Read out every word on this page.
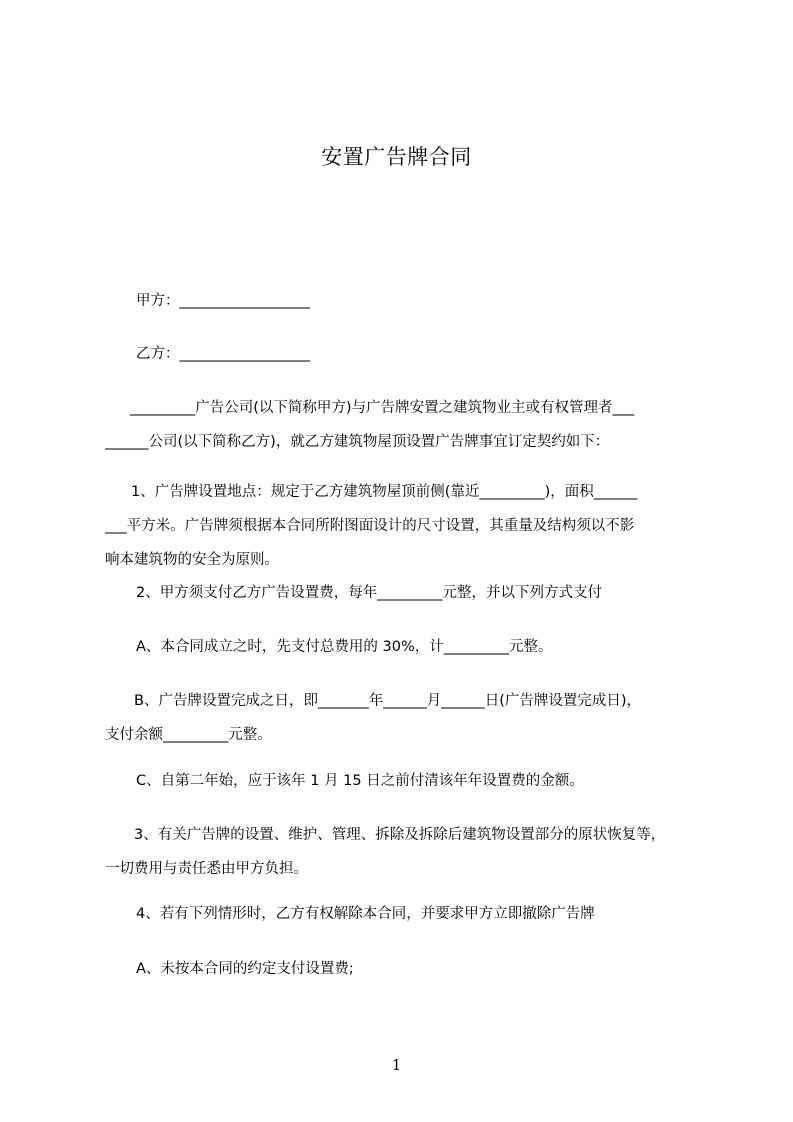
安置广告牌合同
甲方：__________________
乙方：__________________
_________广告公司(以下简称甲方)与广告牌安置之建筑物业主或有权管理者___
______公司(以下简称乙方)，就乙方建筑物屋顶设置广告牌事宜订定契约如下：
1、广告牌设置地点：规定于乙方建筑物屋顶前侧(靠近_________)，面积______
___平方米。广告牌须根据本合同所附图面设计的尺寸设置，其重量及结构须以不影
响本建筑物的安全为原则。
2、甲方须支付乙方广告设置费，每年_________元整，并以下列方式支付
A、本合同成立之时，先支付总费用的 30%，计_________元整。
B、广告牌设置完成之日，即_______年______月______日(广告牌设置完成日)，
支付余额_________元整。
C、自第二年始，应于该年 1 月 15 日之前付清该年年设置费的金额。
3、有关广告牌的设置、维护、管理、拆除及拆除后建筑物设置部分的原状恢复等，
一切费用与责任悉由甲方负担。
4、若有下列情形时，乙方有权解除本合同，并要求甲方立即撤除广告牌
A、未按本合同的约定支付设置费;
1
